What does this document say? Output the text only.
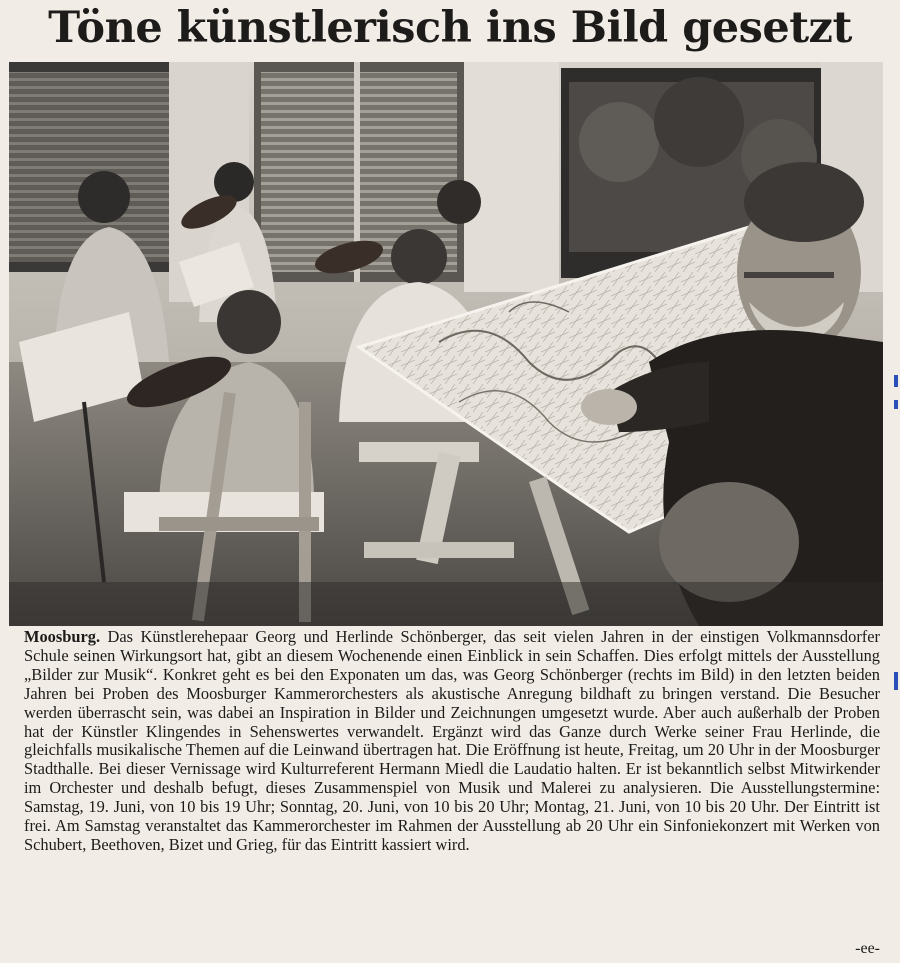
Töne künstlerisch ins Bild gesetzt
Moosburg. Das Künstlerehepaar Georg und Herlinde Schönberger, das seit vielen Jahren in der einstigen Volkmannsdorfer Schule seinen Wirkungsort hat, gibt an diesem Wochenende einen Einblick in sein Schaffen. Dies erfolgt mittels der Ausstellung „Bilder zur Musik“. Konkret geht es bei den Exponaten um das, was Georg Schönberger (rechts im Bild) in den letzten beiden Jahren bei Proben des Moosburger Kammerorchesters als akustische Anregung bildhaft zu bringen verstand. Die Besucher werden überrascht sein, was dabei an Inspiration in Bilder und Zeichnungen umgesetzt wurde. Aber auch außerhalb der Proben hat der Künstler Klingendes in Sehenswertes verwandelt. Ergänzt wird das Ganze durch Werke seiner Frau Herlinde, die gleichfalls musikalische Themen auf die Leinwand übertragen hat. Die Eröffnung ist heute, Freitag, um 20 Uhr in der Moosburger Stadthalle. Bei dieser Vernissage wird Kulturreferent Hermann Miedl die Laudatio halten. Er ist bekanntlich selbst Mitwirkender im Orchester und deshalb befugt, dieses Zusammenspiel von Musik und Malerei zu analysieren. Die Ausstellungstermine: Samstag, 19. Juni, von 10 bis 19 Uhr; Sonntag, 20. Juni, von 10 bis 20 Uhr; Montag, 21. Juni, von 10 bis 20 Uhr. Der Eintritt ist frei. Am Samstag veranstaltet das Kammerorchester im Rahmen der Ausstellung ab 20 Uhr ein Sinfoniekonzert mit Werken von Schubert, Beethoven, Bizet und Grieg, für das Eintritt kassiert wird.
-ee-
